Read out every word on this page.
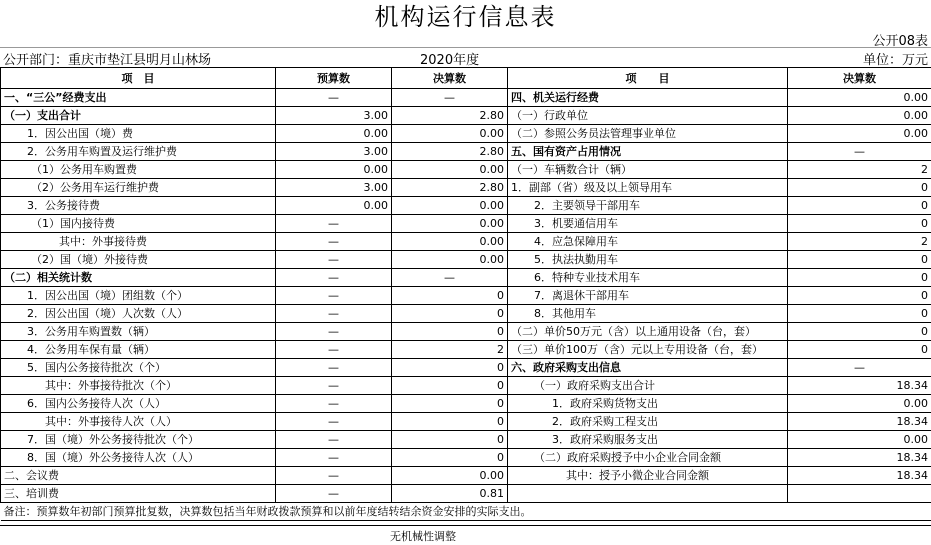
机构运行信息表
公开08表
公开部门：重庆市垫江县明月山林场	2020年度	单位：万元
项　目	预算数	决算数	项　　目	决算数
一、“三公”经费支出	—	—	四、机关运行经费	0.00
（一）支出合计	3.00	2.80	（一）行政单位	0.00
1．因公出国（境）费	0.00	0.00	（二）参照公务员法管理事业单位	0.00
2．公务用车购置及运行维护费	3.00	2.80	五、国有资产占用情况	—
（1）公务用车购置费	0.00	0.00	（一）车辆数合计（辆）	2
（2）公务用车运行维护费	3.00	2.80	1．副部（省）级及以上领导用车	0
3．公务接待费	0.00	0.00	2．主要领导干部用车	0
（1）国内接待费	—	0.00	3．机要通信用车	0
其中：外事接待费	—	0.00	4．应急保障用车	2
（2）国（境）外接待费	—	0.00	5．执法执勤用车	0
（二）相关统计数	—	—	6．特种专业技术用车	0
1．因公出国（境）团组数（个）	—	0	7．离退休干部用车	0
2．因公出国（境）人次数（人）	—	0	8．其他用车	0
3．公务用车购置数（辆）	—	0	（二）单价50万元（含）以上通用设备（台，套）	0
4．公务用车保有量（辆）	—	2	（三）单价100万（含）元以上专用设备（台，套）	0
5．国内公务接待批次（个）	—	0	六、政府采购支出信息	—
其中：外事接待批次（个）	—	0	（一）政府采购支出合计	18.34
6．国内公务接待人次（人）	—	0	1．政府采购货物支出	0.00
其中：外事接待人次（人）	—	0	2．政府采购工程支出	18.34
7．国（境）外公务接待批次（个）	—	0	3．政府采购服务支出	0.00
8．国（境）外公务接待人次（人）	—	0	（二）政府采购授予中小企业合同金额	18.34
二、会议费	—	0.00	其中：授予小微企业合同金额	18.34
三、培训费	—	0.81		
备注：预算数年初部门预算批复数，决算数包括当年财政拨款预算和以前年度结转结余资金安排的实际支出。				
无机械性调整
